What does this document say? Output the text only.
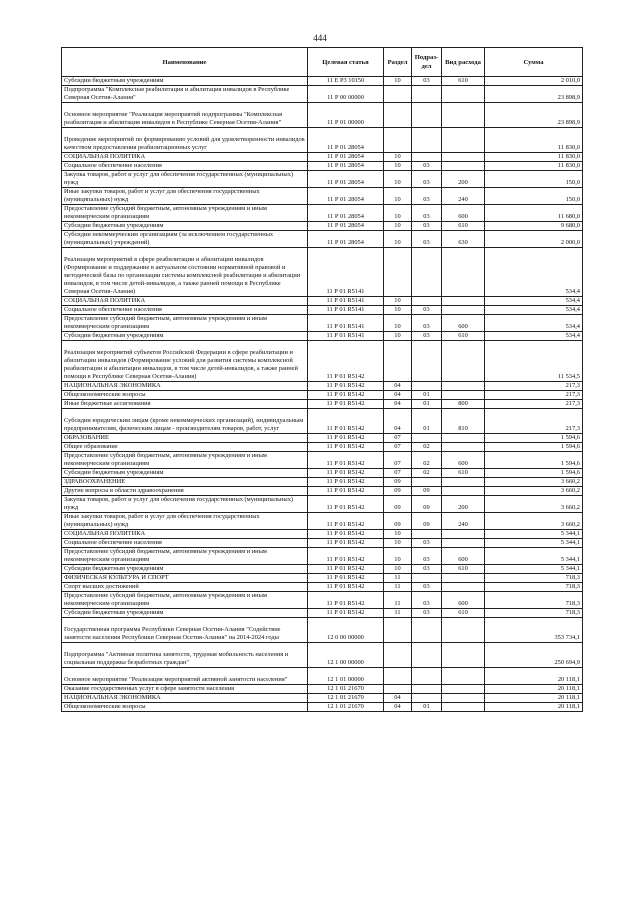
444
Наименование	Целевая статья	Раздел	Подраз-дел	Вид расхода	Сумма
Субсидии бюджетным учреждениям	11 Е Р3 10150	10	03	610	2 010,0
Подпрограмма "Комплексная реабилитация и абилитация инвалидов в Республике Северная Осетия-Алания"	11 Р 00 00000				23 898,9
Основное мероприятие "Реализация мероприятий подпрограммы "Комплексная реабилитация и абилитация инвалидов в Республике Северная Осетия-Алания"	11 Р 01 00000				23 898,9
Проведение мероприятий по формированию условий для удовлетворенности инвалидов качеством предоставления реабилитационных услуг	11 Р 01 28054				11 830,0
СОЦИАЛЬНАЯ ПОЛИТИКА	11 Р 01 28054	10			11 830,0
Социальное обеспечение населения	11 Р 01 28054	10	03		11 830,0
Закупка товаров, работ и услуг для обеспечения государственных (муниципальных) нужд	11 Р 01 28054	10	03	200	150,0
Иные закупки товаров, работ и услуг для обеспечения государственных (муниципальных) нужд	11 Р 01 28054	10	03	240	150,0
Предоставление субсидий бюджетным, автономным учреждениям и иным некоммерческим организациям	11 Р 01 28054	10	03	600	11 680,0
Субсидии бюджетным учреждениям	11 Р 01 28054	10	03	610	9 680,0
Субсидии некоммерческим организациям (за исключением государственных (муниципальных) учреждений)	11 Р 01 28054	10	03	630	2 000,0
Реализация мероприятий в сфере реабилитации и абилитации инвалидов (Формирование и поддержание в актуальном состоянии нормативной правовой и методической базы по организации системы комплексной реабилитации и абилитации инвалидов, в том числе детей-инвалидов, а также ранней помощи в Республике Северная Осетия-Алания)	11 Р 01 R5141				534,4
СОЦИАЛЬНАЯ ПОЛИТИКА	11 Р 01 R5141	10			534,4
Социальное обеспечение населения	11 Р 01 R5141	10	03		534,4
Предоставление субсидий бюджетным, автономным учреждениям и иным некоммерческим организациям	11 Р 01 R5141	10	03	600	534,4
Субсидии бюджетным учреждениям	11 Р 01 R5141	10	03	610	534,4
Реализация мероприятий субъектов Российской Федерации в сфере реабилитации и абилитации инвалидов (Формирование условий для развития системы комплексной реабилитации и абилитации инвалидов, в том числе детей-инвалидов, а также ранней помощи в Республике Северная Осетия-Алания)	11 Р 01 R5142				11 534,5
НАЦИОНАЛЬНАЯ ЭКОНОМИКА	11 Р 01 R5142	04			217,3
Общеэкономические вопросы	11 Р 01 R5142	04	01		217,3
Иные бюджетные ассигнования	11 Р 01 R5142	04	01	800	217,3
Субсидии юридическим лицам (кроме некоммерческих организаций), индивидуальным предпринимателям, физическим лицам - производителям товаров, работ, услуг	11 Р 01 R5142	04	01	810	217,3
ОБРАЗОВАНИЕ	11 Р 01 R5142	07			1 594,6
Общее образование	11 Р 01 R5142	07	02		1 594,6
Предоставление субсидий бюджетным, автономным учреждениям и иным некоммерческим организациям	11 Р 01 R5142	07	02	600	1 594,6
Субсидии бюджетным учреждениям	11 Р 01 R5142	07	02	610	1 594,6
ЗДРАВООХРАНЕНИЕ	11 Р 01 R5142	09			3 660,2
Другие вопросы в области здравоохранения	11 Р 01 R5142	09	09		3 660,2
Закупка товаров, работ и услуг для обеспечения государственных (муниципальных) нужд	11 Р 01 R5142	09	09	200	3 660,2
Иные закупки товаров, работ и услуг для обеспечения государственных (муниципальных) нужд	11 Р 01 R5142	09	09	240	3 660,2
СОЦИАЛЬНАЯ ПОЛИТИКА	11 Р 01 R5142	10			5 344,1
Социальное обеспечение населения	11 Р 01 R5142	10	03		5 344,1
Предоставление субсидий бюджетным, автономным учреждениям и иным некоммерческим организациям	11 Р 01 R5142	10	03	600	5 344,1
Субсидии бюджетным учреждениям	11 Р 01 R5142	10	03	610	5 344,1
ФИЗИЧЕСКАЯ КУЛЬТУРА И СПОРТ	11 Р 01 R5142	11			718,3
Спорт высших достижений	11 Р 01 R5142	11	03		718,3
Предоставление субсидий бюджетным, автономным учреждениям и иным некоммерческим организациям	11 Р 01 R5142	11	03	600	718,3
Субсидии бюджетным учреждениям	11 Р 01 R5142	11	03	610	718,3
Государственная программа Республики Северная Осетия-Алания "Содействие занятости населения Республики Северная Осетия-Алания" на 2014-2024 годы	12 0 00 00000				353 734,1
Подпрограмма "Активная политика занятости, трудовая мобильность населения и социальная поддержка безработных граждан"	12 1 00 00000				250 694,9
Основное мероприятие "Реализация мероприятий активной занятости населения"	12 1 01 00000				20 118,1
Оказание государственных услуг в сфере занятости населения	12 1 01 21670				20 118,1
НАЦИОНАЛЬНАЯ ЭКОНОМИКА	12 1 01 21670	04			20 118,1
Общеэкономические вопросы	12 1 01 21670	04	01		20 118,1
